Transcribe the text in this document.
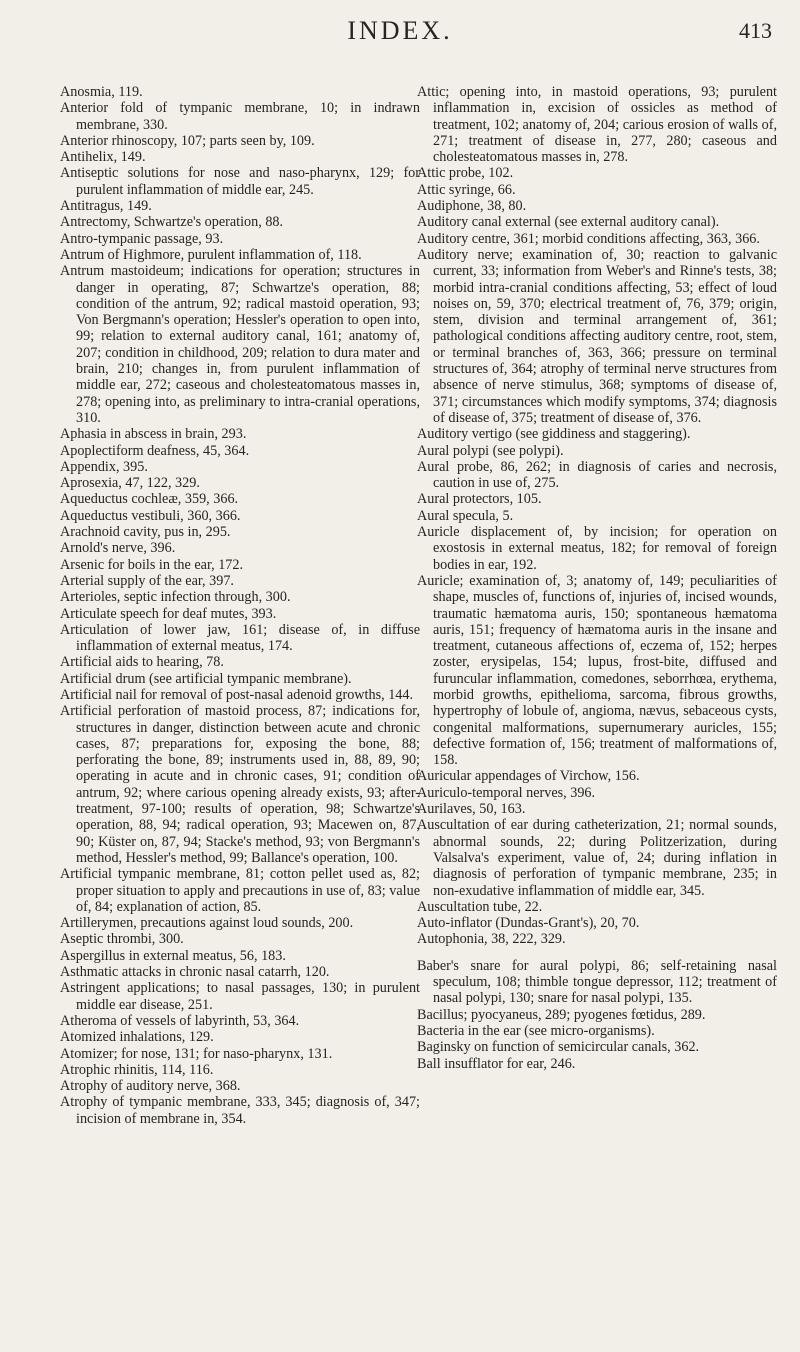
INDEX.	413

Anosmia, 119.

Anterior fold of tympanic membrane, 10; in indrawn membrane, 330.

Anterior rhinoscopy, 107; parts seen by, 109.

Antihelix, 149.

Antiseptic solutions for nose and naso-pharynx, 129; for purulent inflammation of middle ear, 245.

Antitragus, 149.

Antrectomy, Schwartze's operation, 88.

Antro-tympanic passage, 93.

Antrum of Highmore, purulent inflammation of, 118.

Antrum mastoideum; indications for operation; structures in danger in operating, 87; Schwartze's operation, 88; condition of the antrum, 92; radical mastoid operation, 93; Von Bergmann's operation; Hessler's operation to open into, 99; relation to external auditory canal, 161; anatomy of, 207; condition in childhood, 209; relation to dura mater and brain, 210; changes in, from purulent inflammation of middle ear, 272; caseous and cholesteatomatous masses in, 278; opening into, as preliminary to intra-cranial operations, 310.

Aphasia in abscess in brain, 293.

Apoplectiform deafness, 45, 364.

Appendix, 395.

Aprosexia, 47, 122, 329.

Aqueductus cochleæ, 359, 366.

Aqueductus vestibuli, 360, 366.

Arachnoid cavity, pus in, 295.

Arnold's nerve, 396.

Arsenic for boils in the ear, 172.

Arterial supply of the ear, 397.

Arterioles, septic infection through, 300.

Articulate speech for deaf mutes, 393.

Articulation of lower jaw, 161; disease of, in diffuse inflammation of external meatus, 174.

Artificial aids to hearing, 78.

Artificial drum (see artificial tympanic membrane).

Artificial nail for removal of post-nasal adenoid growths, 144.

Artificial perforation of mastoid process, 87; indications for, structures in danger, distinction between acute and chronic cases, 87; preparations for, exposing the bone, 88; perforating the bone, 89; instruments used in, 88, 89, 90; operating in acute and in chronic cases, 91; condition of antrum, 92; where carious opening already exists, 93; after-treatment, 97-100; results of operation, 98; Schwartze's operation, 88, 94; radical operation, 93; Macewen on, 87, 90; Küster on, 87, 94; Stacke's method, 93; von Bergmann's method, Hessler's method, 99; Ballance's operation, 100.

Artificial tympanic membrane, 81; cotton pellet used as, 82; proper situation to apply and precautions in use of, 83; value of, 84; explanation of action, 85.

Artillerymen, precautions against loud sounds, 200.

Aseptic thrombi, 300.

Aspergillus in external meatus, 56, 183.

Asthmatic attacks in chronic nasal catarrh, 120.

Astringent applications; to nasal passages, 130; in purulent middle ear disease, 251.

Atheroma of vessels of labyrinth, 53, 364.

Atomized inhalations, 129.

Atomizer; for nose, 131; for naso-pharynx, 131.

Atrophic rhinitis, 114, 116.

Atrophy of auditory nerve, 368.

Atrophy of tympanic membrane, 333, 345; diagnosis of, 347; incision of membrane in, 354.

Attic; opening into, in mastoid operations, 93; purulent inflammation in, excision of ossicles as method of treatment, 102; anatomy of, 204; carious erosion of walls of, 271; treatment of disease in, 277, 280; caseous and cholesteatomatous masses in, 278.

Attic probe, 102.

Attic syringe, 66.

Audiphone, 38, 80.

Auditory canal external (see external auditory canal).

Auditory centre, 361; morbid conditions affecting, 363, 366.

Auditory nerve; examination of, 30; reaction to galvanic current, 33; information from Weber's and Rinne's tests, 38; morbid intra-cranial conditions affecting, 53; effect of loud noises on, 59, 370; electrical treatment of, 76, 379; origin, stem, division and terminal arrangement of, 361; pathological conditions affecting auditory centre, root, stem, or terminal branches of, 363, 366; pressure on terminal structures of, 364; atrophy of terminal nerve structures from absence of nerve stimulus, 368; symptoms of disease of, 371; circumstances which modify symptoms, 374; diagnosis of disease of, 375; treatment of disease of, 376.

Auditory vertigo (see giddiness and staggering).

Aural polypi (see polypi).

Aural probe, 86, 262; in diagnosis of caries and necrosis, caution in use of, 275.

Aural protectors, 105.

Aural specula, 5.

Auricle displacement of, by incision; for operation on exostosis in external meatus, 182; for removal of foreign bodies in ear, 192.

Auricle; examination of, 3; anatomy of, 149; peculiarities of shape, muscles of, functions of, injuries of, incised wounds, traumatic hæmatoma auris, 150; spontaneous hæmatoma auris, 151; frequency of hæmatoma auris in the insane and treatment, cutaneous affections of, eczema of, 152; herpes zoster, erysipelas, 154; lupus, frost-bite, diffused and furuncular inflammation, comedones, seborrhœa, erythema, morbid growths, epithelioma, sarcoma, fibrous growths, hypertrophy of lobule of, angioma, nævus, sebaceous cysts, congenital malformations, supernumerary auricles, 155; defective formation of, 156; treatment of malformations of, 158.

Auricular appendages of Virchow, 156.

Auriculo-temporal nerves, 396.

Aurilaves, 50, 163.

Auscultation of ear during catheterization, 21; normal sounds, abnormal sounds, 22; during Politzerization, during Valsalva's experiment, value of, 24; during inflation in diagnosis of perforation of tympanic membrane, 235; in non-exudative inflammation of middle ear, 345.

Auscultation tube, 22.

Auto-inflator (Dundas-Grant's), 20, 70.

Autophonia, 38, 222, 329.

Baber's snare for aural polypi, 86; self-retaining nasal speculum, 108; thimble tongue depressor, 112; treatment of nasal polypi, 130; snare for nasal polypi, 135.

Bacillus; pyocyaneus, 289; pyogenes fœtidus, 289.

Bacteria in the ear (see micro-organisms).

Baginsky on function of semicircular canals, 362.

Ball insufflator for ear, 246.
